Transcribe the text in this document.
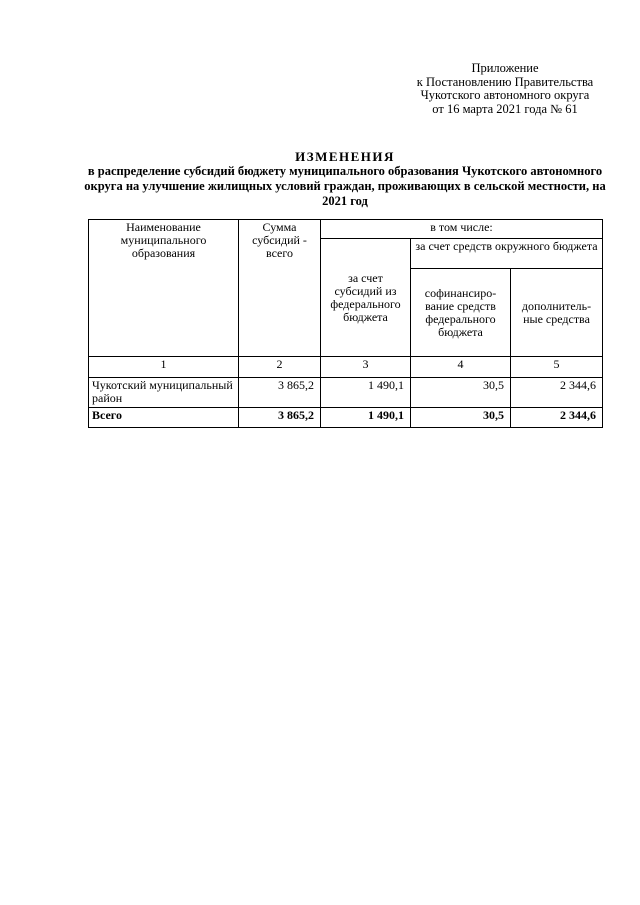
Приложение
к Постановлению Правительства
Чукотского автономного округа
от 16 марта 2021 года № 61
ИЗМЕНЕНИЯ
в распределение субсидий бюджету муниципального образования Чукотского автономного округа на улучшение жилищных условий граждан, проживающих в сельской местности, на 2021 год
Наименование муниципального образования	Сумма субсидий - всего	в том числе:		
		за счет субсидий из федерального бюджета	за счет средств окружного бюджета	
			софинансиро-вание средств федерального бюджета	дополнитель-ные средства
1	2	3	4	5
Чукотский муниципальный район	3 865,2	1 490,1	30,5	2 344,6
Всего	3 865,2	1 490,1	30,5	2 344,6
